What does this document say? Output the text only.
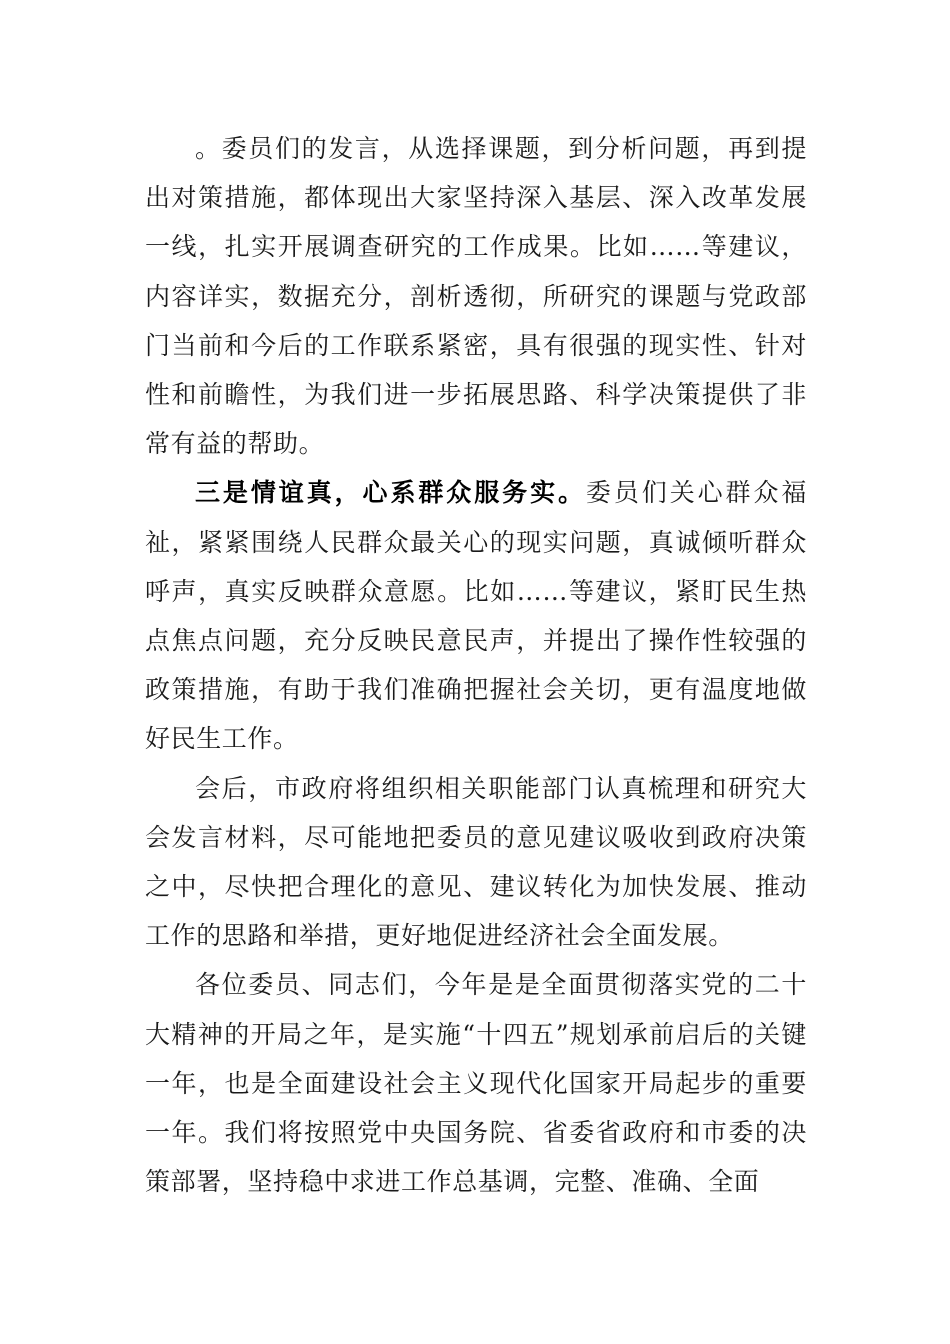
。委员们的发言，从选择课题，到分析问题，再到提出对策措施，都体现出大家坚持深入基层、深入改革发展一线，扎实开展调查研究的工作成果。比如……等建议，内容详实，数据充分，剖析透彻，所研究的课题与党政部门当前和今后的工作联系紧密，具有很强的现实性、针对性和前瞻性，为我们进一步拓展思路、科学决策提供了非常有益的帮助。

三是情谊真，心系群众服务实。委员们关心群众福祉，紧紧围绕人民群众最关心的现实问题，真诚倾听群众呼声，真实反映群众意愿。比如……等建议，紧盯民生热点焦点问题，充分反映民意民声，并提出了操作性较强的政策措施，有助于我们准确把握社会关切，更有温度地做好民生工作。

会后，市政府将组织相关职能部门认真梳理和研究大会发言材料，尽可能地把委员的意见建议吸收到政府决策之中，尽快把合理化的意见、建议转化为加快发展、推动工作的思路和举措，更好地促进经济社会全面发展。

各位委员、同志们，今年是是全面贯彻落实党的二十大精神的开局之年，是实施“十四五”规划承前启后的关键一年，也是全面建设社会主义现代化国家开局起步的重要一年。我们将按照党中央国务院、省委省政府和市委的决策部署，坚持稳中求进工作总基调，完整、准确、全面
